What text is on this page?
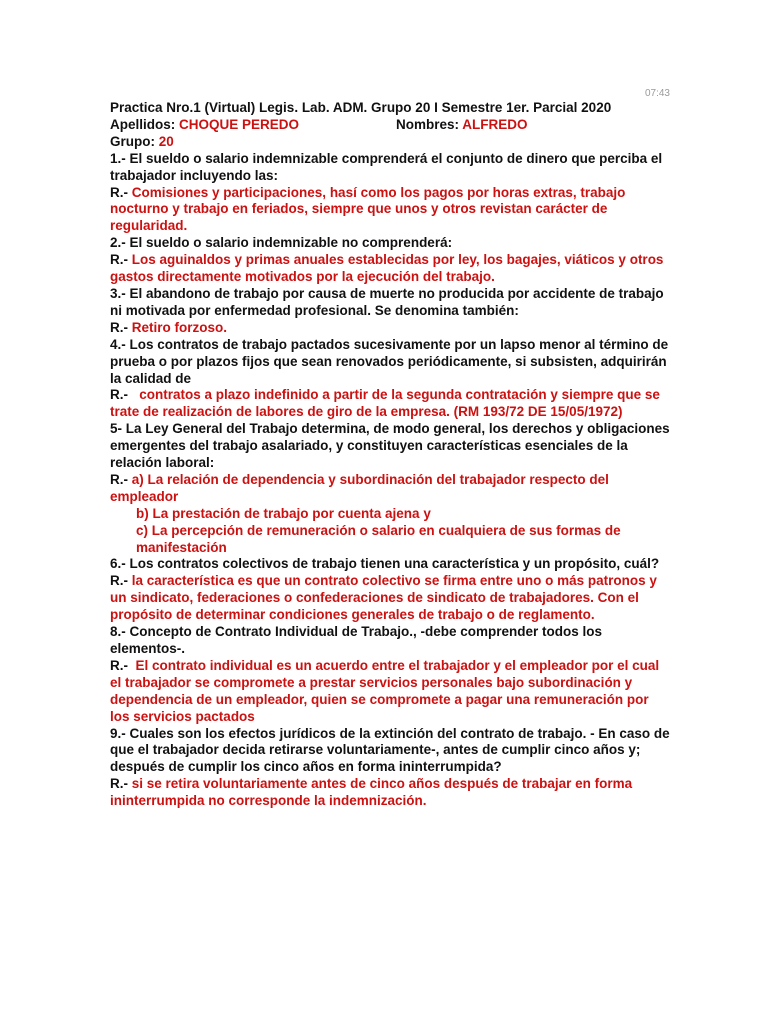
07:43
Practica Nro.1 (Virtual) Legis. Lab. ADM. Grupo 20 I Semestre 1er. Parcial 2020
Apellidos: CHOQUE PEREDO	Nombres: ALFREDO
Grupo: 20
1.- El sueldo o salario indemnizable comprenderá el conjunto de dinero que perciba el trabajador incluyendo las:
R.- Comisiones y participaciones, hasí como los pagos por horas extras, trabajo nocturno y trabajo en feriados, siempre que unos y otros revistan carácter de regularidad.
2.- El sueldo o salario indemnizable no comprenderá:
R.- Los aguinaldos y primas anuales establecidas por ley, los bagajes, viáticos y otros gastos directamente motivados por la ejecución del trabajo.
3.- El abandono de trabajo por causa de muerte no producida por accidente de trabajo ni motivada por enfermedad profesional. Se denomina también:
R.- Retiro forzoso.
4.- Los contratos de trabajo pactados sucesivamente por un lapso menor al término de prueba o por plazos fijos que sean renovados periódicamente, si subsisten, adquirirán la calidad de
R.-   contratos a plazo indefinido a partir de la segunda contratación y siempre que se trate de realización de labores de giro de la empresa. (RM 193/72 DE 15/05/1972)
5- La Ley General del Trabajo determina, de modo general, los derechos y obligaciones emergentes del trabajo asalariado, y constituyen características esenciales de la relación laboral:
R.- a) La relación de dependencia y subordinación del trabajador respecto del empleador
b) La prestación de trabajo por cuenta ajena y
c) La percepción de remuneración o salario en cualquiera de sus formas de manifestación
6.- Los contratos colectivos de trabajo tienen una característica y un propósito, cuál?
R.- la característica es que un contrato colectivo se firma entre uno o más patronos y un sindicato, federaciones o confederaciones de sindicato de trabajadores. Con el propósito de determinar condiciones generales de trabajo o de reglamento.
8.- Concepto de Contrato Individual de Trabajo., -debe comprender todos los elementos-.
R.-  El contrato individual es un acuerdo entre el trabajador y el empleador por el cual el trabajador se compromete a prestar servicios personales bajo subordinación y dependencia de un empleador, quien se compromete a pagar una remuneración por los servicios pactados
9.- Cuales son los efectos jurídicos de la extinción del contrato de trabajo. - En caso de que el trabajador decida retirarse voluntariamente-, antes de cumplir cinco años y; después de cumplir los cinco años en forma ininterrumpida?
R.- si se retira voluntariamente antes de cinco años después de trabajar en forma ininterrumpida no corresponde la indemnización.
